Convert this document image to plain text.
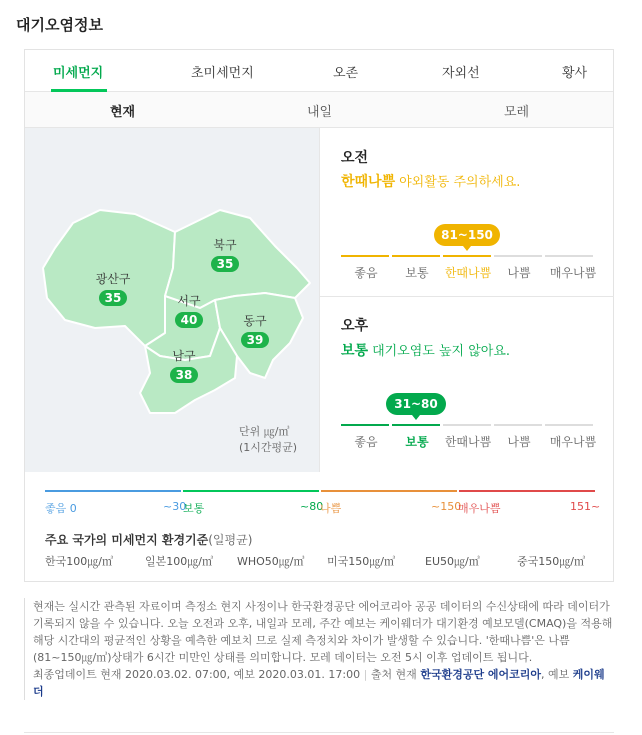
대기오염정보
미세먼지	초미세먼지	오존	자외선	황사
현재	내일	모레
광산구
35
북구
35
서구
40	동구
39
남구
38
단위 ㎍/㎥
(1시간평균)
오전
한때나쁨 야외활동 주의하세요.
81~150
좋음	보통	한때나쁨	나쁨	매우나쁨
오후
보통 대기오염도 높지 않아요.
31~80
좋음	보통	한때나쁨	나쁨	매우나쁨
좋음 0	~30
보통	~80
나쁨	~150
매우나쁨	151~
주요 국가의 미세먼지 환경기준(일평균)
한국100㎍/㎥	일본100㎍/㎥ WHO50㎍/㎥ 미국150㎍/㎥	EU50㎍/㎥	중국150㎍/㎥
현재는 실시간 관측된 자료이며 측정소 현지 사정이나 한국환경공단 에어코리아 공공 데이터의 수신상태에 따라 데이터가 기록되지 않을 수 있습니다. 오늘 오전과 오후, 내일과 모레, 주간 예보는 케이웨더가 대기환경 예보모델(CMAQ)을 적용해 해당 시간대의 평균적인 상황을 예측한 예보치 므로 실제 측정치와 차이가 발생할 수 있습니다. '한때나쁨'은 나쁨(81~150㎍/㎥)상태가 6시간 미만인 상태를 의미합니다. 모레 데이터는 오전 5시 이후 업데이트 됩니다.
최종업데이트 현재 2020.03.02. 07:00, 예보 2020.03.01. 17:00 | 출처 현재 한국환경공단 에어코리아, 예보 케이웨더
